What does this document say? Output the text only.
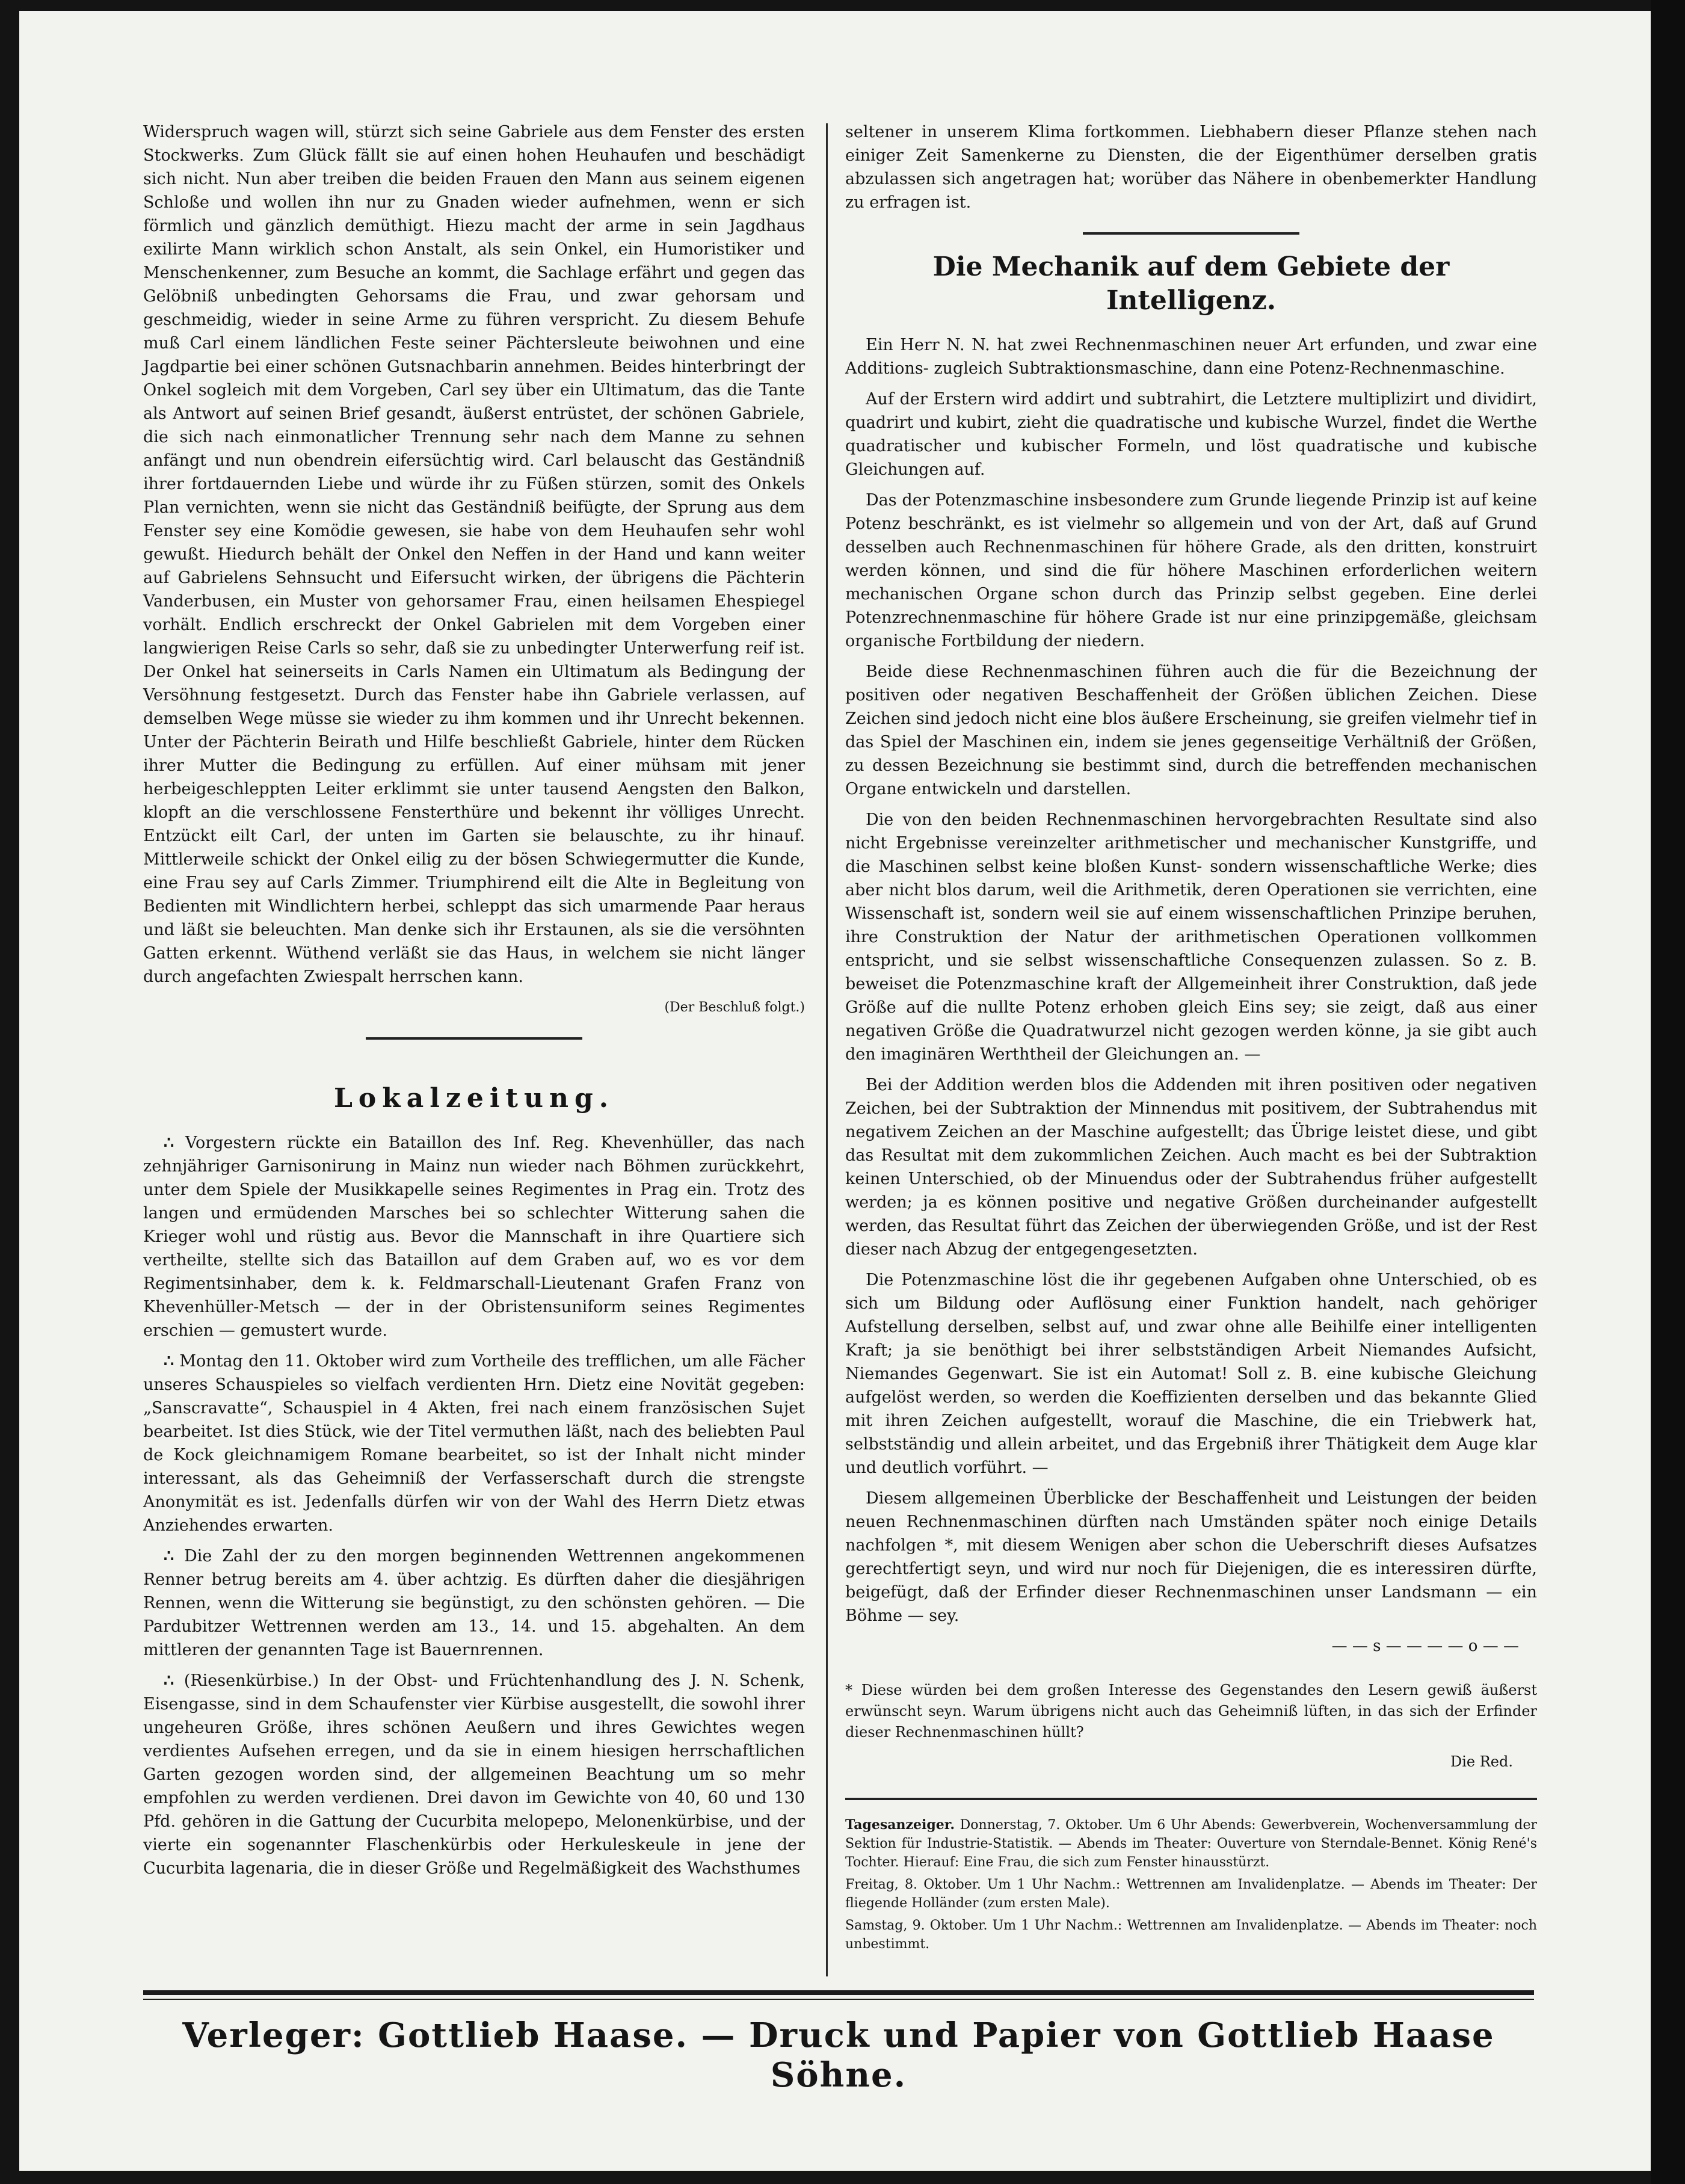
Widerspruch wagen will, stürzt sich seine Gabriele aus dem Fenster des ersten Stockwerks. Zum Glück fällt sie auf einen hohen Heuhaufen und beschädigt sich nicht. Nun aber treiben die beiden Frauen den Mann aus seinem eigenen Schloße und wollen ihn nur zu Gnaden wieder aufnehmen, wenn er sich förmlich und gänzlich demüthigt. Hiezu macht der arme in sein Jagdhaus exilirte Mann wirklich schon Anstalt, als sein Onkel, ein Humoristiker und Menschenkenner, zum Besuche an kommt, die Sachlage erfährt und gegen das Gelöbniß unbedingten Gehorsams die Frau, und zwar gehorsam und geschmeidig, wieder in seine Arme zu führen verspricht. Zu diesem Behufe muß Carl einem ländlichen Feste seiner Pächtersleute beiwohnen und eine Jagdpartie bei einer schönen Gutsnachbarin annehmen. Beides hinterbringt der Onkel sogleich mit dem Vorgeben, Carl sey über ein Ultimatum, das die Tante als Antwort auf seinen Brief gesandt, äußerst entrüstet, der schönen Gabriele, die sich nach einmonatlicher Trennung sehr nach dem Manne zu sehnen anfängt und nun obendrein eifersüchtig wird. Carl belauscht das Geständniß ihrer fortdauernden Liebe und würde ihr zu Füßen stürzen, somit des Onkels Plan vernichten, wenn sie nicht das Geständniß beifügte, der Sprung aus dem Fenster sey eine Komödie gewesen, sie habe von dem Heuhaufen sehr wohl gewußt. Hiedurch behält der Onkel den Neffen in der Hand und kann weiter auf Gabrielens Sehnsucht und Eifersucht wirken, der übrigens die Pächterin Vanderbusen, ein Muster von gehorsamer Frau, einen heilsamen Ehespiegel vorhält. Endlich erschreckt der Onkel Gabrielen mit dem Vorgeben einer langwierigen Reise Carls so sehr, daß sie zu unbedingter Unterwerfung reif ist. Der Onkel hat seinerseits in Carls Namen ein Ultimatum als Bedingung der Versöhnung festgesetzt. Durch das Fenster habe ihn Gabriele verlassen, auf demselben Wege müsse sie wieder zu ihm kommen und ihr Unrecht bekennen. Unter der Pächterin Beirath und Hilfe beschließt Gabriele, hinter dem Rücken ihrer Mutter die Bedingung zu erfüllen. Auf einer mühsam mit jener herbeigeschleppten Leiter erklimmt sie unter tausend Aengsten den Balkon, klopft an die verschlossene Fensterthüre und bekennt ihr völliges Unrecht. Entzückt eilt Carl, der unten im Garten sie belauschte, zu ihr hinauf. Mittlerweile schickt der Onkel eilig zu der bösen Schwiegermutter die Kunde, eine Frau sey auf Carls Zimmer. Triumphirend eilt die Alte in Begleitung von Bedienten mit Windlichtern herbei, schleppt das sich umarmende Paar heraus und läßt sie beleuchten. Man denke sich ihr Erstaunen, als sie die versöhnten Gatten erkennt. Wüthend verläßt sie das Haus, in welchem sie nicht länger durch angefachten Zwiespalt herrschen kann.

(Der Beschluß folgt.)

Lokalzeitung.

∴ Vorgestern rückte ein Bataillon des Inf. Reg. Khevenhüller, das nach zehnjähriger Garnisonirung in Mainz nun wieder nach Böhmen zurückkehrt, unter dem Spiele der Musikkapelle seines Regimentes in Prag ein. Trotz des langen und ermüdenden Marsches bei so schlechter Witterung sahen die Krieger wohl und rüstig aus. Bevor die Mannschaft in ihre Quartiere sich vertheilte, stellte sich das Bataillon auf dem Graben auf, wo es vor dem Regimentsinhaber, dem k. k. Feldmarschall-Lieutenant Grafen Franz von Khevenhüller-Metsch — der in der Obristensuniform seines Regimentes erschien — gemustert wurde.

∴ Montag den 11. Oktober wird zum Vortheile des trefflichen, um alle Fächer unseres Schauspieles so vielfach verdienten Hrn. Dietz eine Novität gegeben: „Sanscravatte“, Schauspiel in 4 Akten, frei nach einem französischen Sujet bearbeitet. Ist dies Stück, wie der Titel vermuthen läßt, nach des beliebten Paul de Kock gleichnamigem Romane bearbeitet, so ist der Inhalt nicht minder interessant, als das Geheimniß der Verfasserschaft durch die strengste Anonymität es ist. Jedenfalls dürfen wir von der Wahl des Herrn Dietz etwas Anziehendes erwarten.

∴ Die Zahl der zu den morgen beginnenden Wettrennen angekommenen Renner betrug bereits am 4. über achtzig. Es dürften daher die diesjährigen Rennen, wenn die Witterung sie begünstigt, zu den schönsten gehören. — Die Pardubitzer Wettrennen werden am 13., 14. und 15. abgehalten. An dem mittleren der genannten Tage ist Bauernrennen.

∴ (Riesenkürbise.) In der Obst- und Früchtenhandlung des J. N. Schenk, Eisengasse, sind in dem Schaufenster vier Kürbise ausgestellt, die sowohl ihrer ungeheuren Größe, ihres schönen Aeußern und ihres Gewichtes wegen verdientes Aufsehen erregen, und da sie in einem hiesigen herrschaftlichen Garten gezogen worden sind, der allgemeinen Beachtung um so mehr empfohlen zu werden verdienen. Drei davon im Gewichte von 40, 60 und 130 Pfd. gehören in die Gattung der Cucurbita melopepo, Melonenkürbise, und der vierte ein sogenannter Flaschenkürbis oder Herkuleskeule in jene der Cucurbita lagenaria, die in dieser Größe und Regelmäßigkeit des Wachsthumes

seltener in unserem Klima fortkommen. Liebhabern dieser Pflanze stehen nach einiger Zeit Samenkerne zu Diensten, die der Eigenthümer derselben gratis abzulassen sich angetragen hat; worüber das Nähere in obenbemerkter Handlung zu erfragen ist.

Die Mechanik auf dem Gebiete der Intelligenz.

Ein Herr N. N. hat zwei Rechnenmaschinen neuer Art erfunden, und zwar eine Additions- zugleich Subtraktionsmaschine, dann eine Potenz-Rechnenmaschine.

Auf der Erstern wird addirt und subtrahirt, die Letztere multiplizirt und dividirt, quadrirt und kubirt, zieht die quadratische und kubische Wurzel, findet die Werthe quadratischer und kubischer Formeln, und löst quadratische und kubische Gleichungen auf.

Das der Potenzmaschine insbesondere zum Grunde liegende Prinzip ist auf keine Potenz beschränkt, es ist vielmehr so allgemein und von der Art, daß auf Grund desselben auch Rechnenmaschinen für höhere Grade, als den dritten, konstruirt werden können, und sind die für höhere Maschinen erforderlichen weitern mechanischen Organe schon durch das Prinzip selbst gegeben. Eine derlei Potenzrechnenmaschine für höhere Grade ist nur eine prinzipgemäße, gleichsam organische Fortbildung der niedern.

Beide diese Rechnenmaschinen führen auch die für die Bezeichnung der positiven oder negativen Beschaffenheit der Größen üblichen Zeichen. Diese Zeichen sind jedoch nicht eine blos äußere Erscheinung, sie greifen vielmehr tief in das Spiel der Maschinen ein, indem sie jenes gegenseitige Verhältniß der Größen, zu dessen Bezeichnung sie bestimmt sind, durch die betreffenden mechanischen Organe entwickeln und darstellen.

Die von den beiden Rechnenmaschinen hervorgebrachten Resultate sind also nicht Ergebnisse vereinzelter arithmetischer und mechanischer Kunstgriffe, und die Maschinen selbst keine bloßen Kunst- sondern wissenschaftliche Werke; dies aber nicht blos darum, weil die Arithmetik, deren Operationen sie verrichten, eine Wissenschaft ist, sondern weil sie auf einem wissenschaftlichen Prinzipe beruhen, ihre Construktion der Natur der arithmetischen Operationen vollkommen entspricht, und sie selbst wissenschaftliche Consequenzen zulassen. So z. B. beweiset die Potenzmaschine kraft der Allgemeinheit ihrer Construktion, daß jede Größe auf die nullte Potenz erhoben gleich Eins sey; sie zeigt, daß aus einer negativen Größe die Quadratwurzel nicht gezogen werden könne, ja sie gibt auch den imaginären Werththeil der Gleichungen an. —

Bei der Addition werden blos die Addenden mit ihren positiven oder negativen Zeichen, bei der Subtraktion der Minnendus mit positivem, der Subtrahendus mit negativem Zeichen an der Maschine aufgestellt; das Übrige leistet diese, und gibt das Resultat mit dem zukommlichen Zeichen. Auch macht es bei der Subtraktion keinen Unterschied, ob der Minuendus oder der Subtrahendus früher aufgestellt werden; ja es können positive und negative Größen durcheinander aufgestellt werden, das Resultat führt das Zeichen der überwiegenden Größe, und ist der Rest dieser nach Abzug der entgegengesetzten.

Die Potenzmaschine löst die ihr gegebenen Aufgaben ohne Unterschied, ob es sich um Bildung oder Auflösung einer Funktion handelt, nach gehöriger Aufstellung derselben, selbst auf, und zwar ohne alle Beihilfe einer intelligenten Kraft; ja sie benöthigt bei ihrer selbstständigen Arbeit Niemandes Aufsicht, Niemandes Gegenwart. Sie ist ein Automat! Soll z. B. eine kubische Gleichung aufgelöst werden, so werden die Koeffizienten derselben und das bekannte Glied mit ihren Zeichen aufgestellt, worauf die Maschine, die ein Triebwerk hat, selbstständig und allein arbeitet, und das Ergebniß ihrer Thätigkeit dem Auge klar und deutlich vorführt. —

Diesem allgemeinen Überblicke der Beschaffenheit und Leistungen der beiden neuen Rechnenmaschinen dürften nach Umständen später noch einige Details nachfolgen *, mit diesem Wenigen aber schon die Ueberschrift dieses Aufsatzes gerechtfertigt seyn, und wird nur noch für Diejenigen, die es interessiren dürfte, beigefügt, daß der Erfinder dieser Rechnenmaschinen unser Landsmann — ein Böhme — sey.

— — s — — — — o — —

* Diese würden bei dem großen Interesse des Gegenstandes den Lesern gewiß äußerst erwünscht seyn. Warum übrigens nicht auch das Geheimniß lüften, in das sich der Erfinder dieser Rechnenmaschinen hüllt?

Die Red.

Tagesanzeiger. Donnerstag, 7. Oktober. Um 6 Uhr Abends: Gewerbverein, Wochenversammlung der Sektion für Industrie-Statistik. — Abends im Theater: Ouverture von Sterndale-Bennet. König René's Tochter. Hierauf: Eine Frau, die sich zum Fenster hinausstürzt.

Freitag, 8. Oktober. Um 1 Uhr Nachm.: Wettrennen am Invalidenplatze. — Abends im Theater: Der fliegende Holländer (zum ersten Male).

Samstag, 9. Oktober. Um 1 Uhr Nachm.: Wettrennen am Invalidenplatze. — Abends im Theater: noch unbestimmt.

Verleger: Gottlieb Haase. — Druck und Papier von Gottlieb Haase Söhne.
